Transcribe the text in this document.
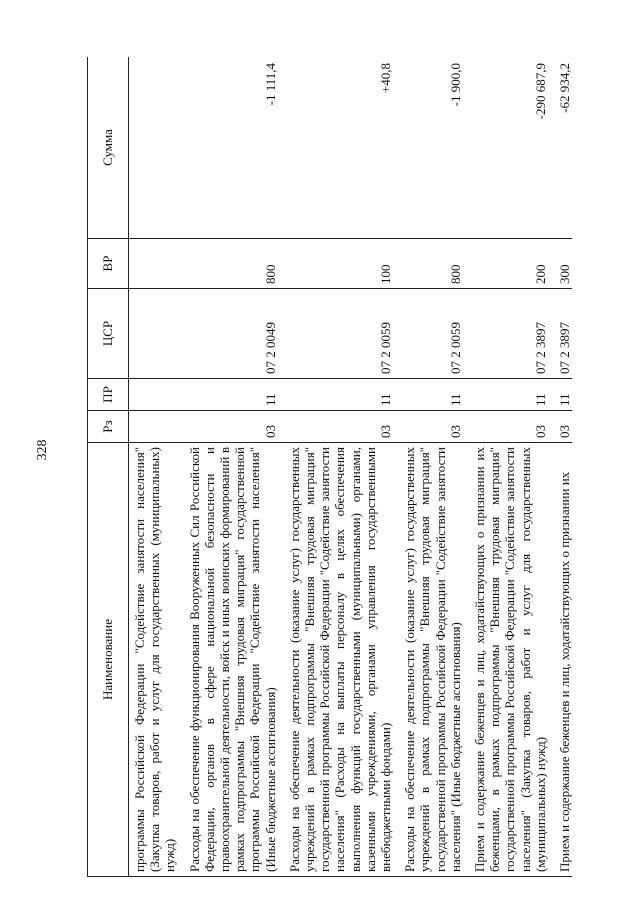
328
Наименование	Рз	ПР	ЦСР	ВР	Сумма
программы Российской Федерации "Содействие занятости населения" (Закупка товаров, работ и услуг для государственных (муниципальных) нужд)					
Расходы на обеспечение функционирования Вооруженных Сил Российской Федерации, органов в сфере национальной безопасности и правоохранительной деятельности, войск и иных воинских формирований в рамках подпрограммы "Внешняя трудовая миграция" государственной программы Российской Федерации "Содействие занятости населения" (Иные бюджетные ассигнования)	03	11	07 2 0049	800	-1 111,4
Расходы на обеспечение деятельности (оказание услуг) государственных учреждений в рамках подпрограммы "Внешняя трудовая миграция" государственной программы Российской Федерации "Содействие занятости населения" (Расходы на выплаты персоналу в целях обеспечения выполнения функций государственными (муниципальными) органами, казенными учреждениями, органами управления государственными внебюджетными фондами)	03	11	07 2 0059	100	+40,8
Расходы на обеспечение деятельности (оказание услуг) государственных учреждений в рамках подпрограммы "Внешняя трудовая миграция" государственной программы Российской Федерации "Содействие занятости населения" (Иные бюджетные ассигнования)	03	11	07 2 0059	800	-1 900,0
Прием и содержание беженцев и лиц, ходатайствующих о признании их беженцами, в рамках подпрограммы "Внешняя трудовая миграция" государственной программы Российской Федерации "Содействие занятости населения" (Закупка товаров, работ и услуг для государственных (муниципальных) нужд)	03	11	07 2 3897	200	-290 687,9
Прием и содержание беженцев и лиц, ходатайствующих о признании их	03	11	07 2 3897	300	-62 934,2
